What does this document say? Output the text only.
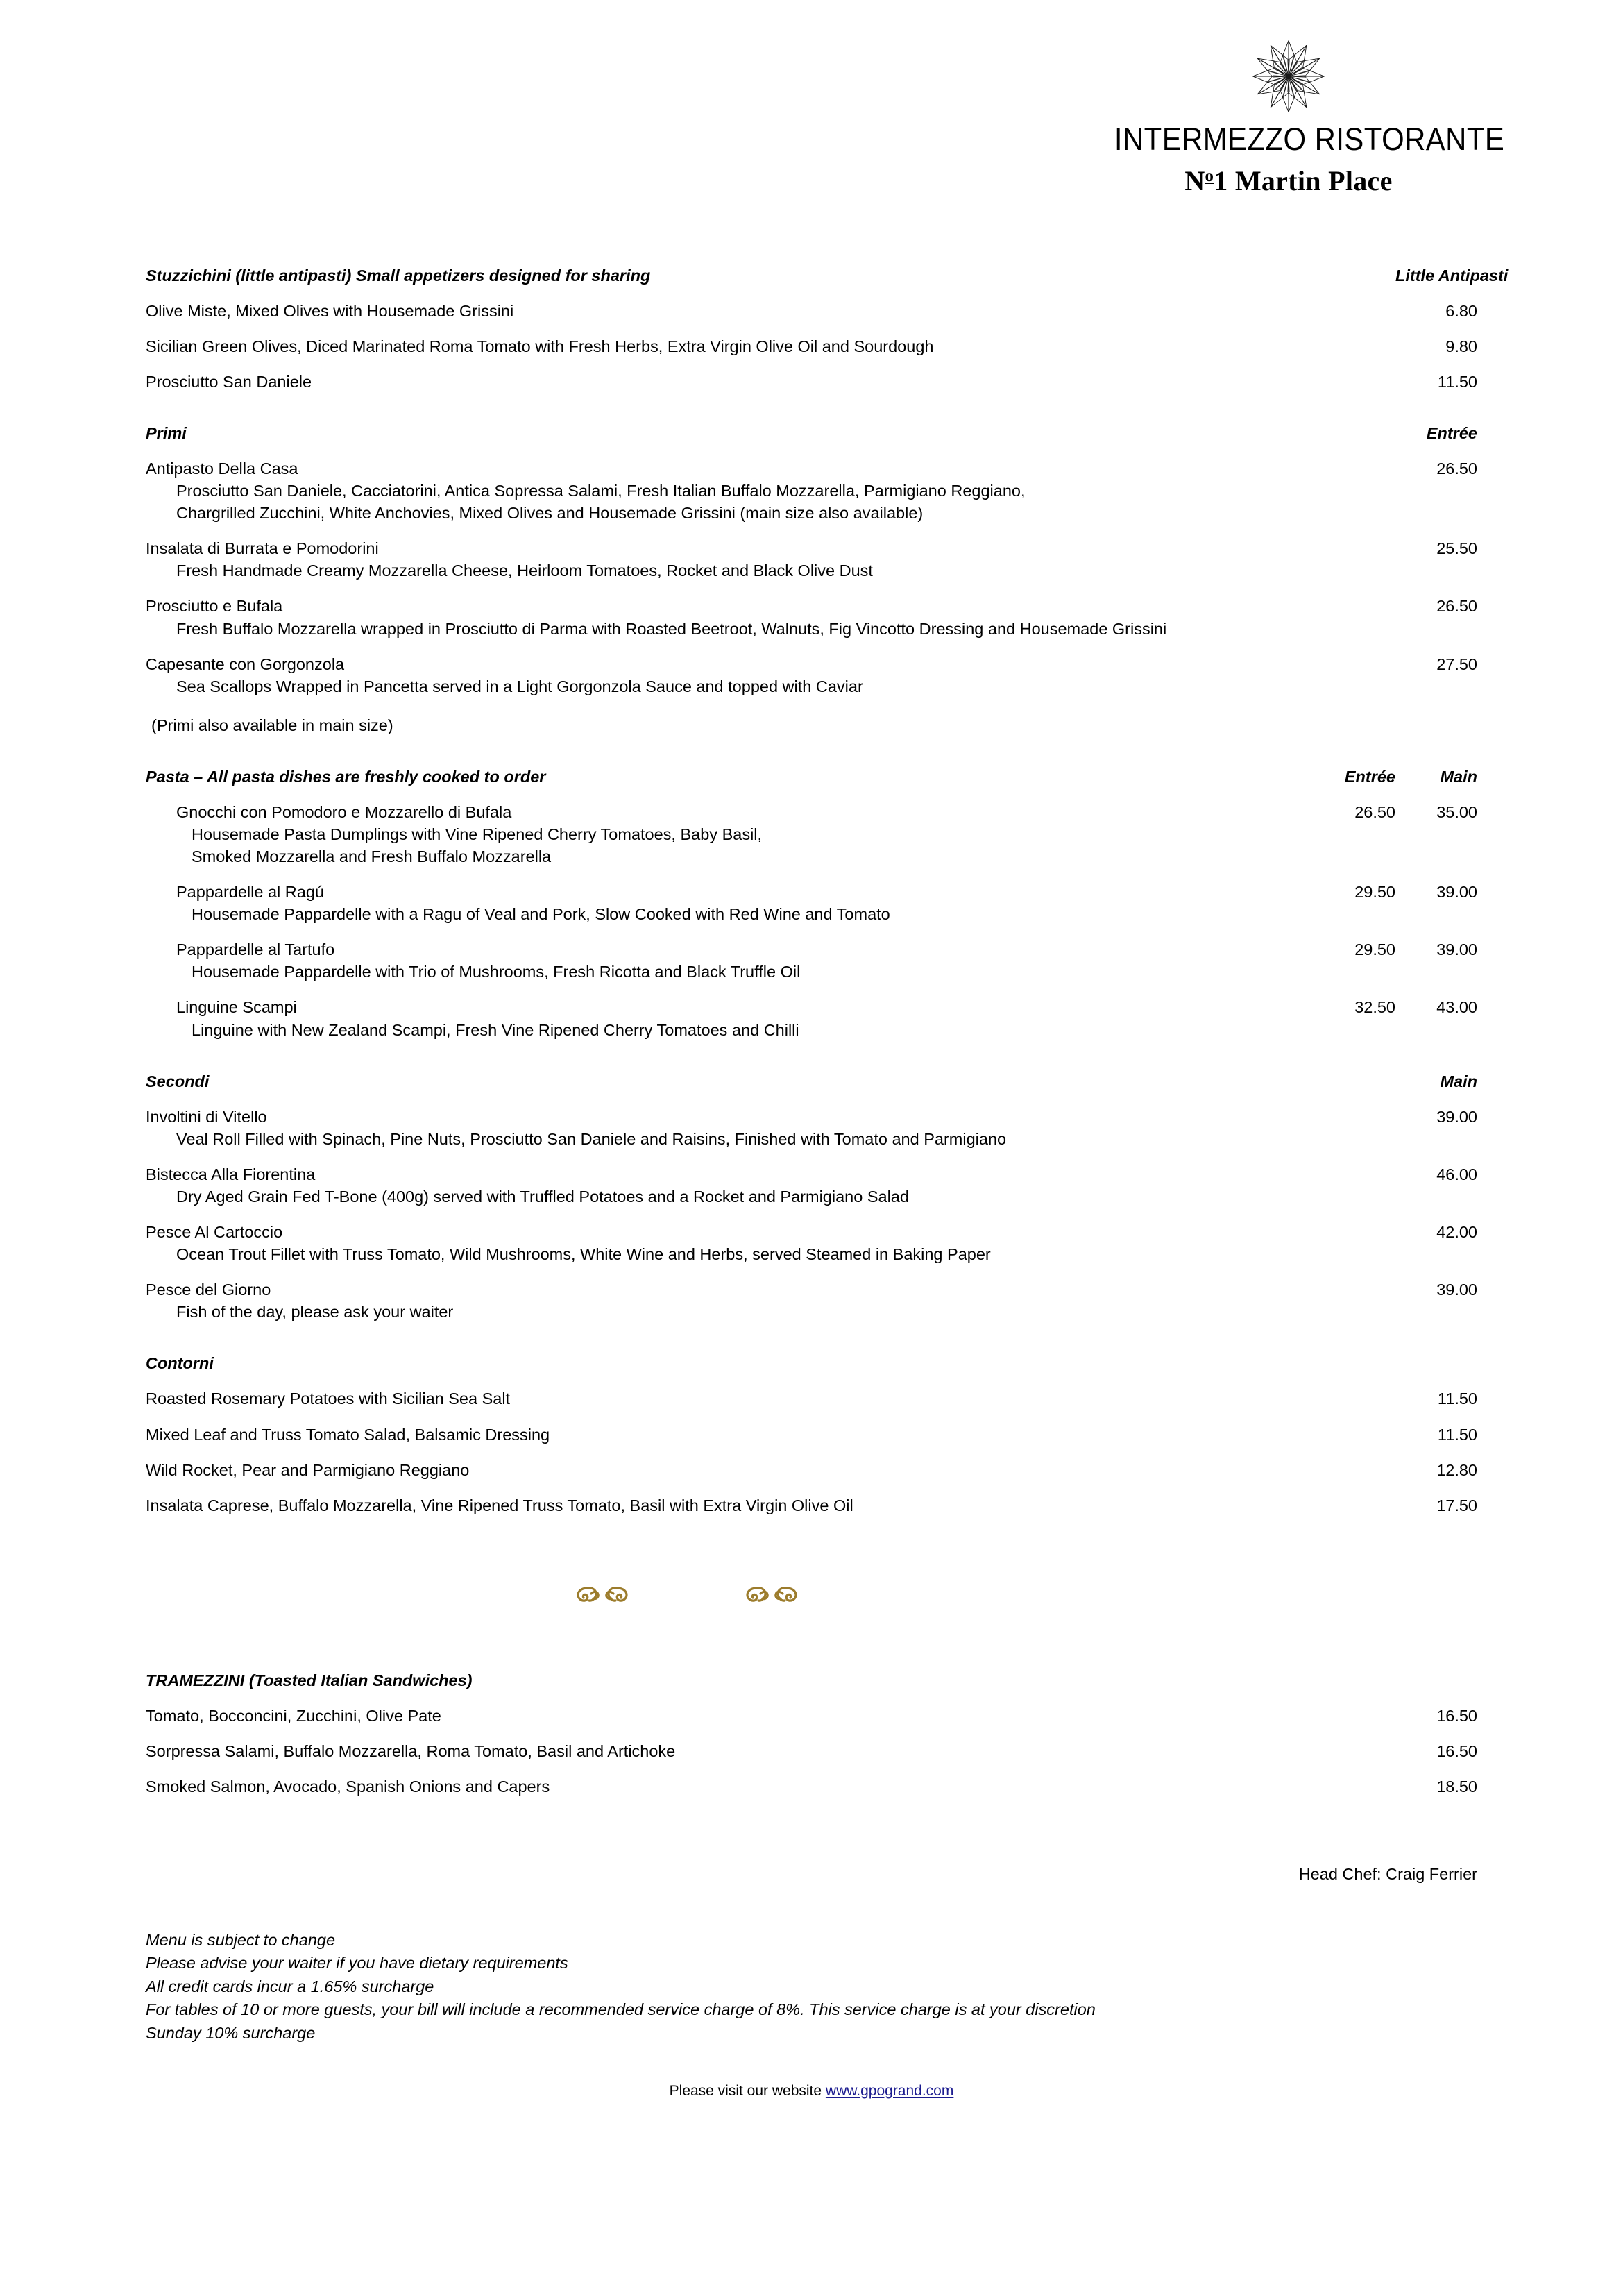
INTERMEZZO RISTORANTE
$N^o1$ Martin Place
Stuzzichini (little antipasti) Small appetizers designed for sharing	Little Antipasti
Olive Miste, Mixed Olives with Housemade Grissini	6.80
Sicilian Green Olives, Diced Marinated Roma Tomato with Fresh Herbs, Extra Virgin Olive Oil and Sourdough	9.80
Prosciutto San Daniele	11.50
Primi	Entrée
Antipasto Della Casa	26.50
Prosciutto San Daniele, Cacciatorini, Antica Sopressa Salami, Fresh Italian Buffalo Mozzarella, Parmigiano Reggiano,
Chargrilled Zucchini, White Anchovies, Mixed Olives and Housemade Grissini (main size also available)
Insalata di Burrata e Pomodorini	25.50
Fresh Handmade Creamy Mozzarella Cheese, Heirloom Tomatoes, Rocket and Black Olive Dust
Prosciutto e Bufala	26.50
Fresh Buffalo Mozzarella wrapped in Prosciutto di Parma with Roasted Beetroot, Walnuts, Fig Vincotto Dressing and Housemade Grissini
Capesante con Gorgonzola	27.50
Sea Scallops Wrapped in Pancetta served in a Light Gorgonzola Sauce and topped with Caviar
(Primi also available in main size)
Pasta – All pasta dishes are freshly cooked to order	Entrée	Main
Gnocchi con Pomodoro e Mozzarello di Bufala	26.50	35.00
Housemade Pasta Dumplings with Vine Ripened Cherry Tomatoes, Baby Basil,
Smoked Mozzarella and Fresh Buffalo Mozzarella
Pappardelle al Ragú	29.50	39.00
Housemade Pappardelle with a Ragu of Veal and Pork, Slow Cooked with Red Wine and Tomato
Pappardelle al Tartufo	29.50	39.00
Housemade Pappardelle with Trio of Mushrooms, Fresh Ricotta and Black Truffle Oil
Linguine Scampi	32.50	43.00
Linguine with New Zealand Scampi, Fresh Vine Ripened Cherry Tomatoes and Chilli
Secondi	Main
Involtini di Vitello	39.00
Veal Roll Filled with Spinach, Pine Nuts, Prosciutto San Daniele and Raisins, Finished with Tomato and Parmigiano
Bistecca Alla Fiorentina	46.00
Dry Aged Grain Fed T-Bone (400g) served with Truffled Potatoes and a Rocket and Parmigiano Salad
Pesce Al Cartoccio	42.00
Ocean Trout Fillet with Truss Tomato, Wild Mushrooms, White Wine and Herbs, served Steamed in Baking Paper
Pesce del Giorno	39.00
Fish of the day, please ask your waiter
Contorni
Roasted Rosemary Potatoes with Sicilian Sea Salt	11.50
Mixed Leaf and Truss Tomato Salad, Balsamic Dressing	11.50
Wild Rocket, Pear and Parmigiano Reggiano	12.80
Insalata Caprese, Buffalo Mozzarella, Vine Ripened Truss Tomato, Basil with Extra Virgin Olive Oil	17.50
TRAMEZZINI (Toasted Italian Sandwiches)
Tomato, Bocconcini, Zucchini, Olive Pate	16.50
Sorpressa Salami, Buffalo Mozzarella, Roma Tomato, Basil and Artichoke	16.50
Smoked Salmon, Avocado, Spanish Onions and Capers	18.50
Head Chef: Craig Ferrier
Menu is subject to change
Please advise your waiter if you have dietary requirements
All credit cards incur a 1.65% surcharge
For tables of 10 or more guests, your bill will include a recommended service charge of 8%. This service charge is at your discretion
Sunday 10% surcharge
Please visit our website www.gpogrand.com
